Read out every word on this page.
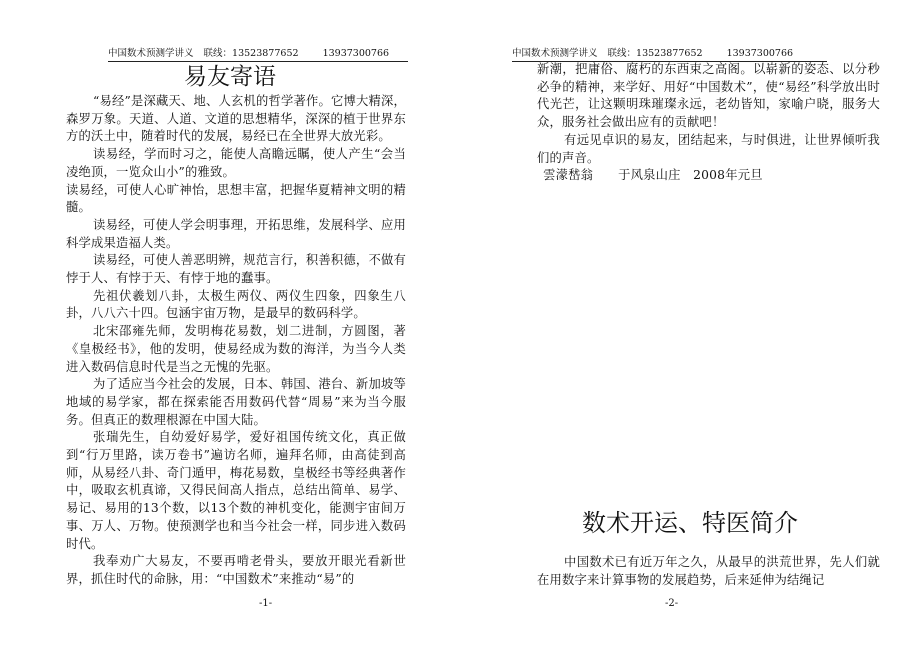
中国数术预测学讲义 联线：13523877652	13937300766
易友寄语

“易经”是深藏天、地、人玄机的哲学著作。它博大精深，森罗万象。天道、人道、文道的思想精华，深深的植于世界东方的沃土中，随着时代的发展，易经已在全世界大放光彩。

读易经，学而时习之，能使人高瞻远瞩，使人产生“会当凌绝顶，一览众山小”的雅致。

读易经，可使人心旷神怡，思想丰富，把握华夏精神文明的精髓。

读易经，可使人学会明事理，开拓思维，发展科学、应用科学成果造福人类。

读易经，可使人善恶明辨，规范言行，积善积德，不做有悖于人、有悖于天、有悖于地的蠢事。

先祖伏羲划八卦，太极生两仪、两仪生四象，四象生八卦，八八六十四。包涵宇宙万物，是最早的数码科学。

北宋邵雍先师，发明梅花易数，划二进制，方圆图，著《皇极经书》，他的发明，使易经成为数的海洋，为当今人类进入数码信息时代是当之无愧的先驱。

为了适应当今社会的发展，日本、韩国、港台、新加坡等地域的易学家，都在探索能否用数码代替“周易”来为当今服务。但真正的数理根源在中国大陆。

张瑞先生，自幼爱好易学，爱好祖国传统文化，真正做到“行万里路，读万卷书”遍访名师，遍拜名师，由高徒到高师，从易经八卦、奇门遁甲，梅花易数，皇极经书等经典著作中，吸取玄机真谛，又得民间高人指点，总结出简单、易学、易记、易用的13个数，以13个数的神机变化，能测宇宙间万事、万人、万物。使预测学也和当今社会一样，同步进入数码时代。

我奉劝广大易友，不要再啃老骨头，要放开眼光看新世界，抓住时代的命脉，用：“中国数术”来推动“易”的

-1-
中国数术预测学讲义 联线：13523877652	13937300766

新潮，把庸俗、腐朽的东西束之高阁。以崭新的姿态、以分秒必争的精神，来学好、用好“中国数术”，使“易经”科学放出时代光芒，让这颗明珠璀璨永远，老幼皆知，家喻户晓，服务大众，服务社会做出应有的贡献吧！

有远见卓识的易友，团结起来，与时俱进，让世界倾听我们的声音。

雲濛嵆翁　　于风泉山庄　2008年元旦

数术开运、特医简介

中国数术已有近万年之久，从最早的洪荒世界，先人们就在用数字来计算事物的发展趋势，后来延伸为结绳记

-2-
